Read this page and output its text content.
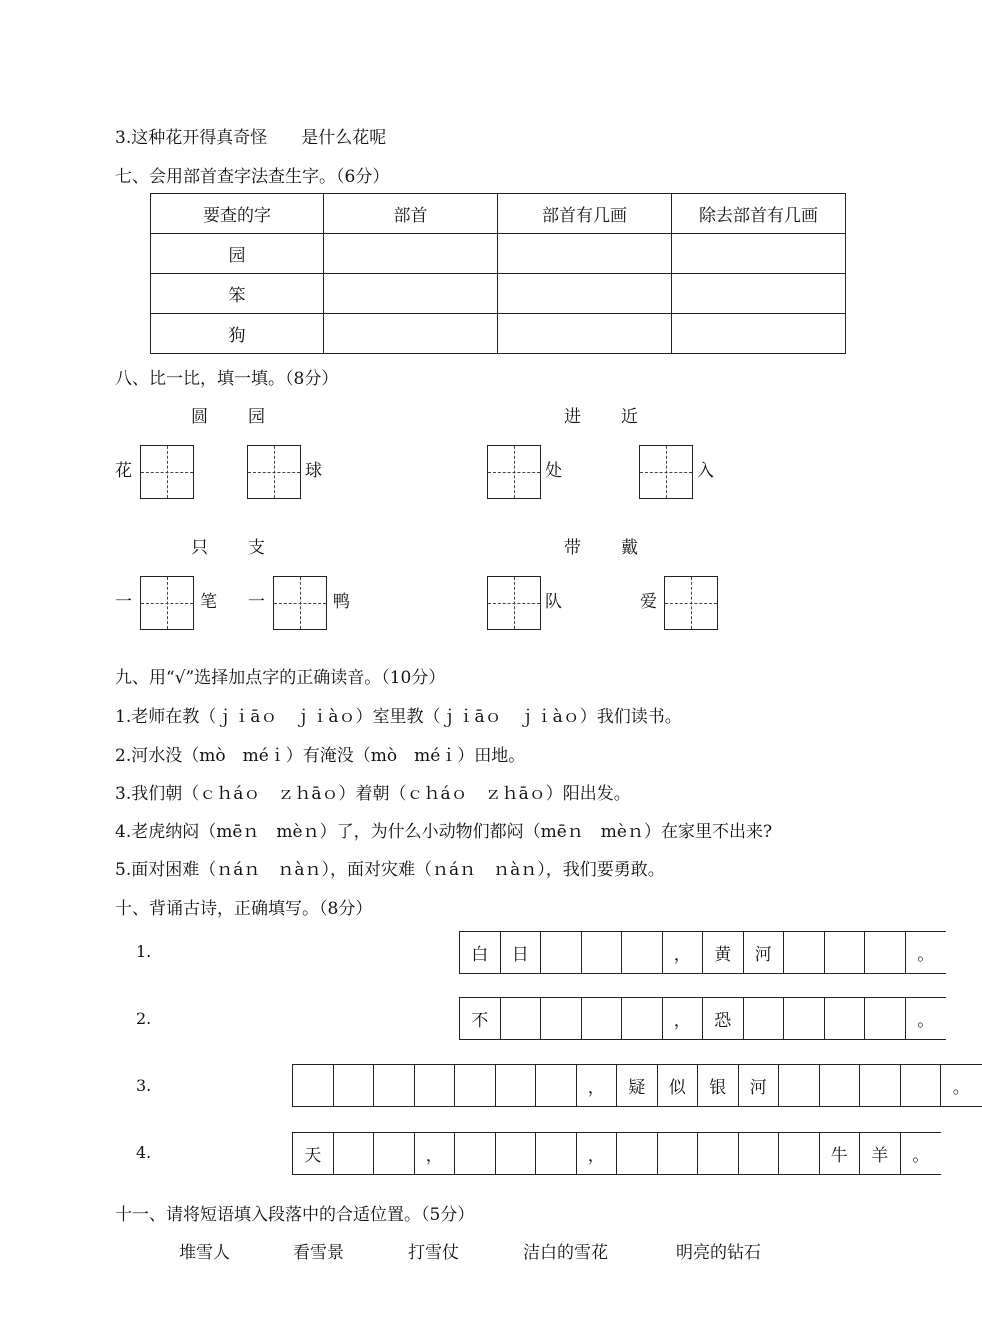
3.这种花开得真奇怪　　是什么花呢
七、会用部首查字法查生字。（6分）
要查的字	部首	部首有几画	除去部首有几画
园			
笨			
狗			
八、比一比，填一填。（8分）
圆 园
花	球
进 近
处	入
只 支
一	笔 一	鸭
带 戴
队	爱
九、用“√”选择加点字的正确读音。（10分）
1.老师在教（ｊｉāｏ　ｊｉàｏ）室里教（ｊｉāｏ　ｊｉàｏ）我们读书。
2.河水没（mò　méｉ）有淹没（mò　méｉ）田地。
3.我们朝（ｃｈáｏ　ｚｈāｏ）着朝（ｃｈáｏ　ｚｈāｏ）阳出发。
4.老虎纳闷（mēｎ　mèｎ）了，为什么小动物们都闷（mēｎ　mèｎ）在家里不出来?
5.面对困难（ｎáｎ　ｎàｎ），面对灾难（ｎáｎ　ｎàｎ），我们要勇敢。
十、背诵古诗，正确填写。（8分）
1.	白	日	，	黄	河	。
2.	不	，	恐	。
3.	，	疑	似	银	河	。
4.	天	，	，	牛	羊	。
十一、请将短语填入段落中的合适位置。（5分）
堆雪人	看雪景	打雪仗	洁白的雪花	明亮的钻石
